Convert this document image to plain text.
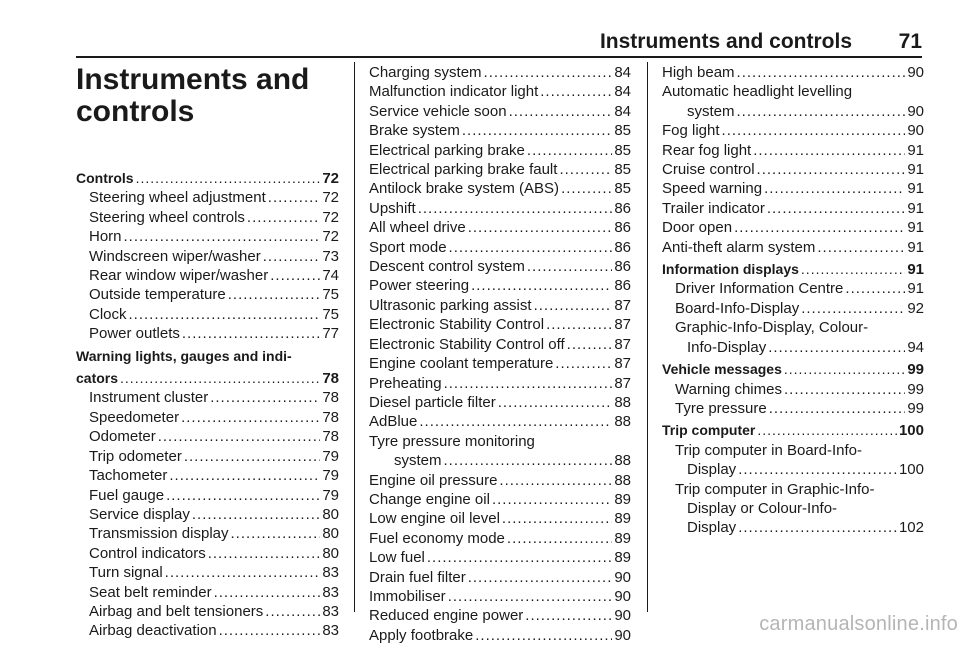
Instruments and controls 71
Instruments and controls
Controls .....	72
Steering wheel adjustment .....	72
Steering wheel controls .....	72
Horn .....	72
Windscreen wiper/washer .....	73
Rear window wiper/washer .....	74
Outside temperature .....	75
Clock .....	75
Power outlets .....	77
Warning lights, gauges and indi-
cators .....	78
Instrument cluster .....	78
Speedometer .....	78
Odometer .....	78
Trip odometer .....	79
Tachometer .....	79
Fuel gauge .....	79
Service display .....	80
Transmission display .....	80
Control indicators .....	80
Turn signal .....	83
Seat belt reminder .....	83
Airbag and belt tensioners .....	83
Airbag deactivation .....	83
Charging system .....	84
Malfunction indicator light .....	84
Service vehicle soon .....	84
Brake system .....	85
Electrical parking brake .....	85
Electrical parking brake fault .....	85
Antilock brake system (ABS) .....	85
Upshift .....	86
All wheel drive .....	86
Sport mode .....	86
Descent control system .....	86
Power steering .....	86
Ultrasonic parking assist .....	87
Electronic Stability Control .....	87
Electronic Stability Control off .....	87
Engine coolant temperature .....	87
Preheating .....	87
Diesel particle filter .....	88
AdBlue .....	88
Tyre pressure monitoring
system .....	88
Engine oil pressure .....	88
Change engine oil .....	89
Low engine oil level .....	89
Fuel economy mode .....	89
Low fuel .....	89
Drain fuel filter .....	90
Immobiliser .....	90
Reduced engine power .....	90
Apply footbrake .....	90
High beam .....	90
Automatic headlight levelling
system .....	90
Fog light .....	90
Rear fog light .....	91
Cruise control .....	91
Speed warning .....	91
Trailer indicator .....	91
Door open .....	91
Anti-theft alarm system .....	91
Information displays .....	91
Driver Information Centre .....	91
Board-Info-Display .....	92
Graphic-Info-Display, Colour-
Info-Display .....	94
Vehicle messages .....	99
Warning chimes .....	99
Tyre pressure .....	99
Trip computer .....	100
Trip computer in Board-Info-
Display .....	100
Trip computer in Graphic-Info-
Display or Colour-Info-
Display .....	102
carmanualsonline.info
